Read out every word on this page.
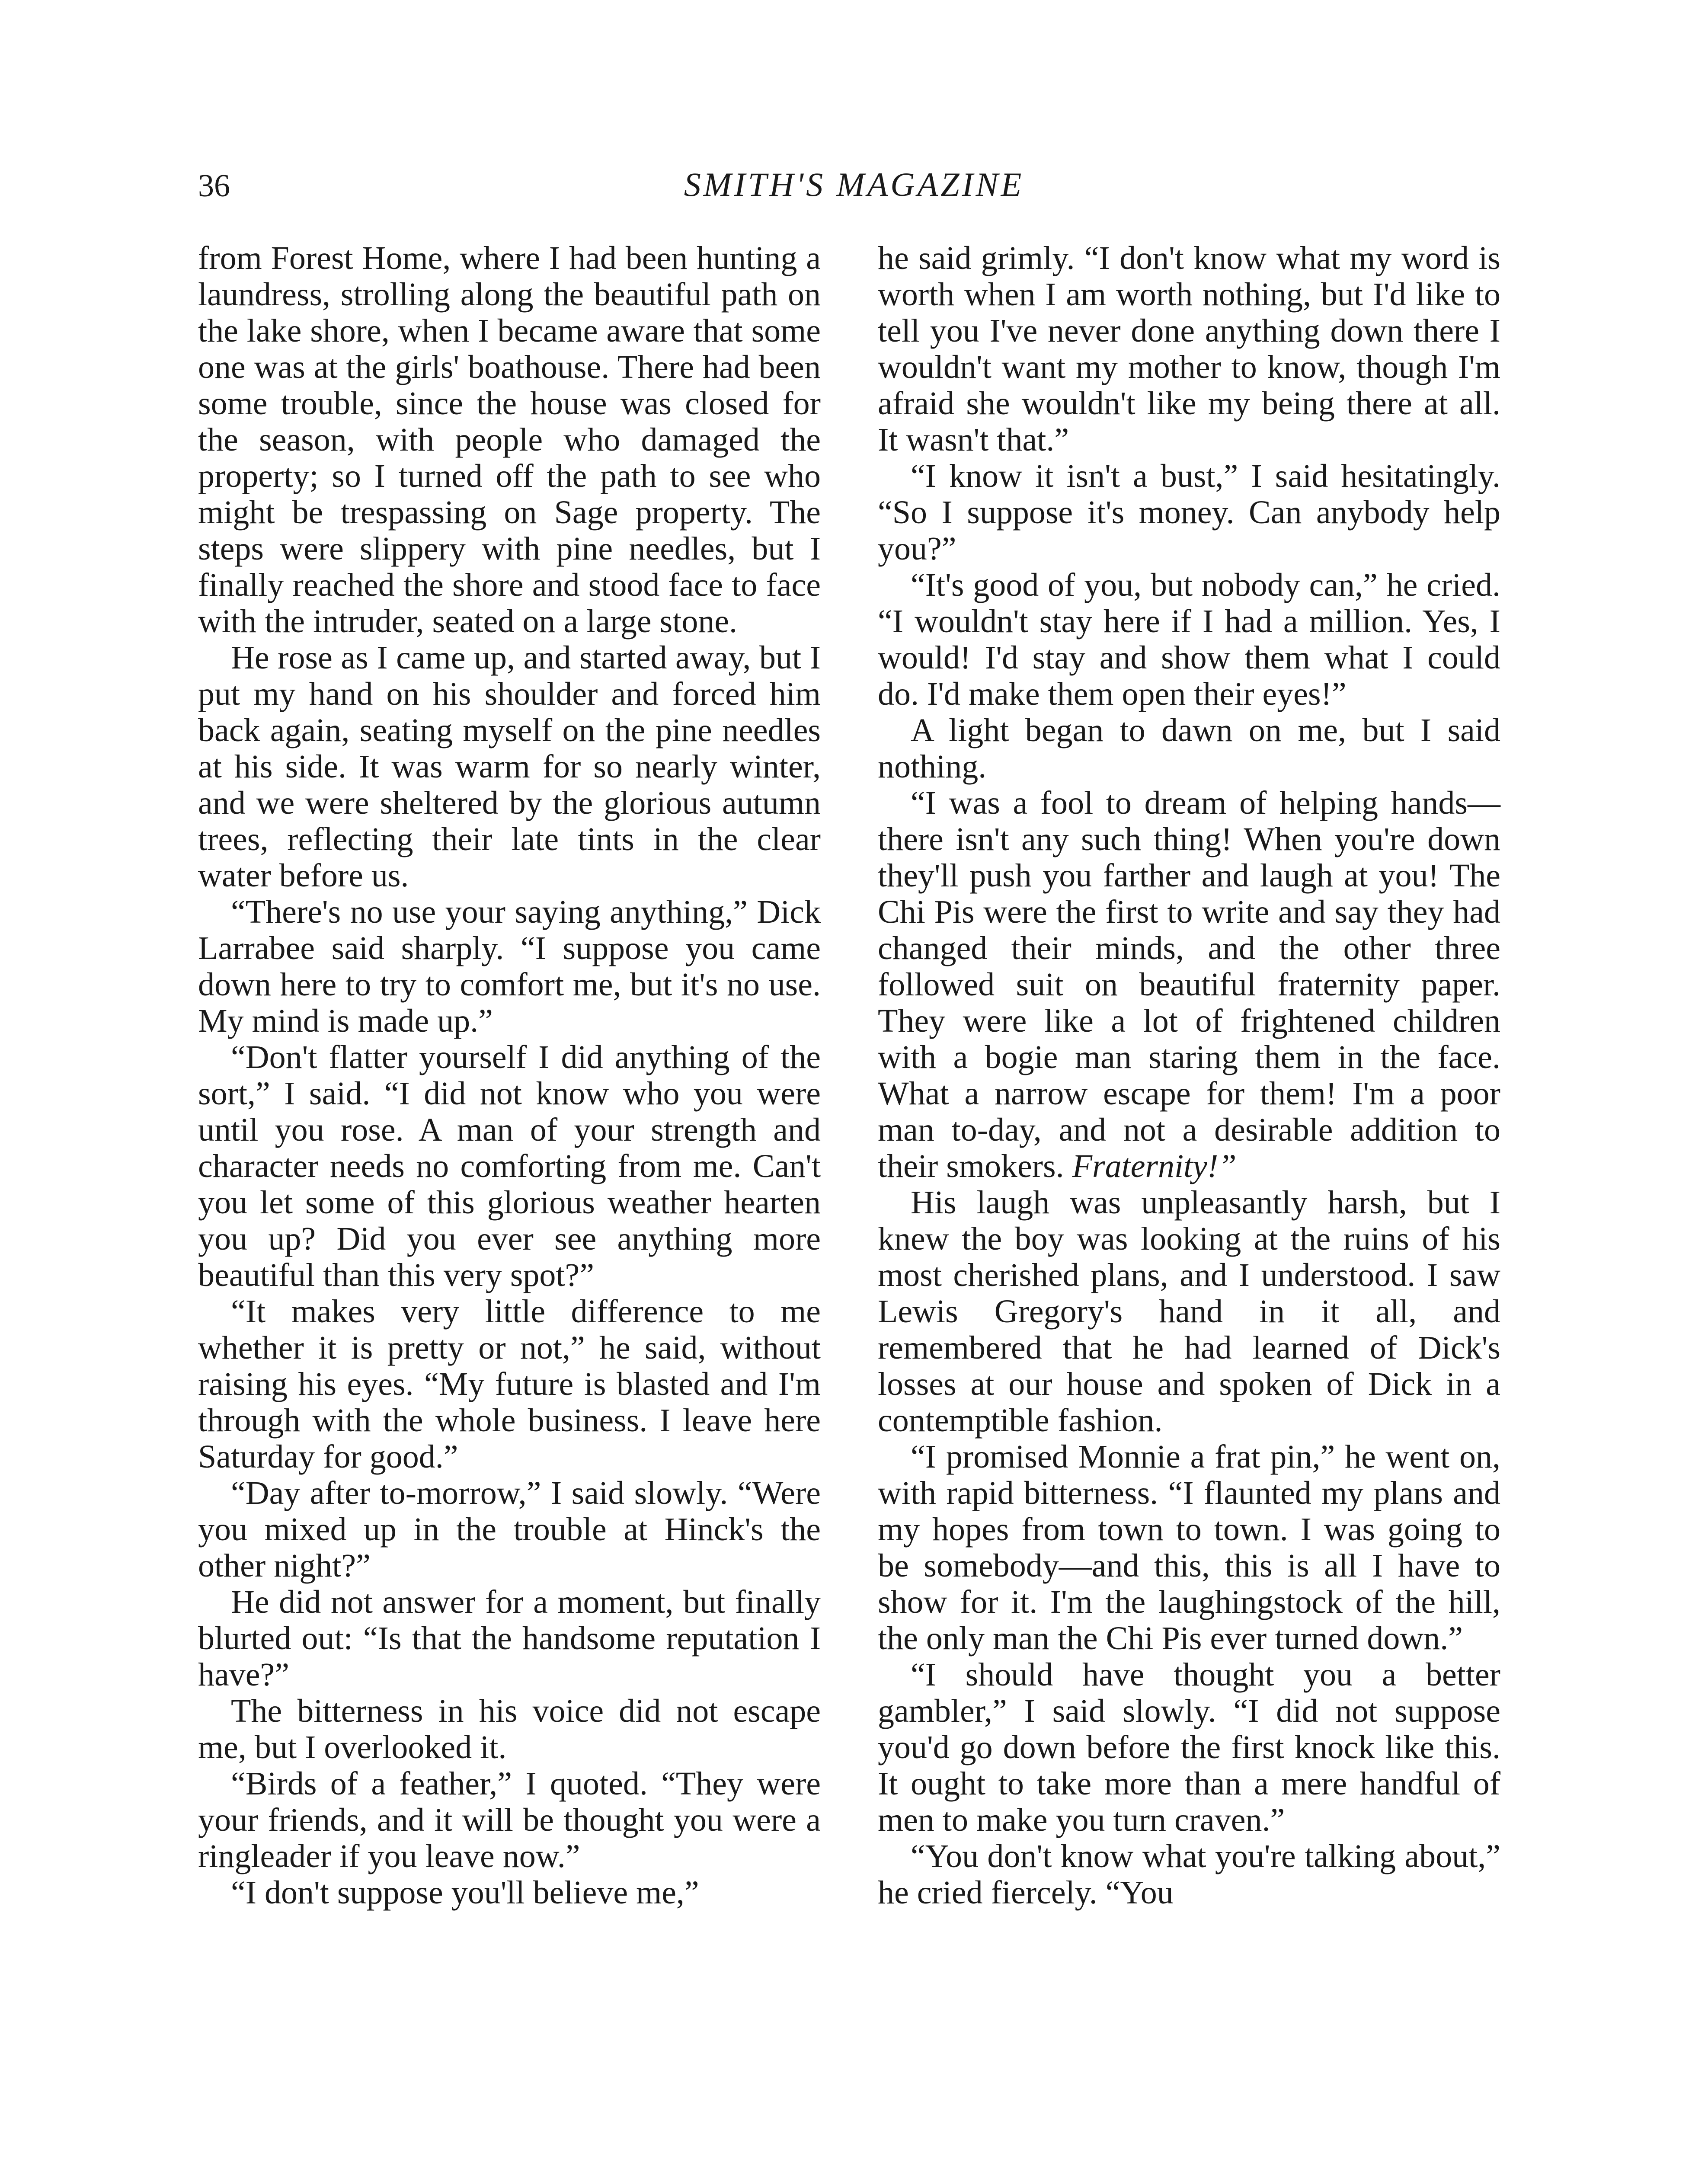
36	SMITH'S MAGAZINE

from Forest Home, where I had been hunting a laundress, strolling along the beautiful path on the lake shore, when I became aware that some one was at the girls' boathouse. There had been some trouble, since the house was closed for the season, with people who damaged the property; so I turned off the path to see who might be trespassing on Sage property. The steps were slippery with pine needles, but I finally reached the shore and stood face to face with the intruder, seated on a large stone.

He rose as I came up, and started away, but I put my hand on his shoulder and forced him back again, seating myself on the pine needles at his side. It was warm for so nearly winter, and we were sheltered by the glorious autumn trees, reflecting their late tints in the clear water before us.

“There's no use your saying anything,” Dick Larrabee said sharply. “I suppose you came down here to try to comfort me, but it's no use. My mind is made up.”

“Don't flatter yourself I did anything of the sort,” I said. “I did not know who you were until you rose. A man of your strength and character needs no comforting from me. Can't you let some of this glorious weather hearten you up? Did you ever see anything more beautiful than this very spot?”

“It makes very little difference to me whether it is pretty or not,” he said, without raising his eyes. “My future is blasted and I'm through with the whole business. I leave here Saturday for good.”

“Day after to-morrow,” I said slowly. “Were you mixed up in the trouble at Hinck's the other night?”

He did not answer for a moment, but finally blurted out: “Is that the handsome reputation I have?”

The bitterness in his voice did not escape me, but I overlooked it.

“Birds of a feather,” I quoted. “They were your friends, and it will be thought you were a ringleader if you leave now.”

“I don't suppose you'll believe me,”

he said grimly. “I don't know what my word is worth when I am worth nothing, but I'd like to tell you I've never done anything down there I wouldn't want my mother to know, though I'm afraid she wouldn't like my being there at all. It wasn't that.”

“I know it isn't a bust,” I said hesitatingly. “So I suppose it's money. Can anybody help you?”

“It's good of you, but nobody can,” he cried. “I wouldn't stay here if I had a million. Yes, I would! I'd stay and show them what I could do. I'd make them open their eyes!”

A light began to dawn on me, but I said nothing.

“I was a fool to dream of helping hands—there isn't any such thing! When you're down they'll push you farther and laugh at you! The Chi Pis were the first to write and say they had changed their minds, and the other three followed suit on beautiful fraternity paper. They were like a lot of frightened children with a bogie man staring them in the face. What a narrow escape for them! I'm a poor man to-day, and not a desirable addition to their smokers. Fraternity!”

His laugh was unpleasantly harsh, but I knew the boy was looking at the ruins of his most cherished plans, and I understood. I saw Lewis Gregory's hand in it all, and remembered that he had learned of Dick's losses at our house and spoken of Dick in a contemptible fashion.

“I promised Monnie a frat pin,” he went on, with rapid bitterness. “I flaunted my plans and my hopes from town to town. I was going to be somebody—and this, this is all I have to show for it. I'm the laughingstock of the hill, the only man the Chi Pis ever turned down.”

“I should have thought you a better gambler,” I said slowly. “I did not suppose you'd go down before the first knock like this. It ought to take more than a mere handful of men to make you turn craven.”

“You don't know what you're talking about,” he cried fiercely. “You
